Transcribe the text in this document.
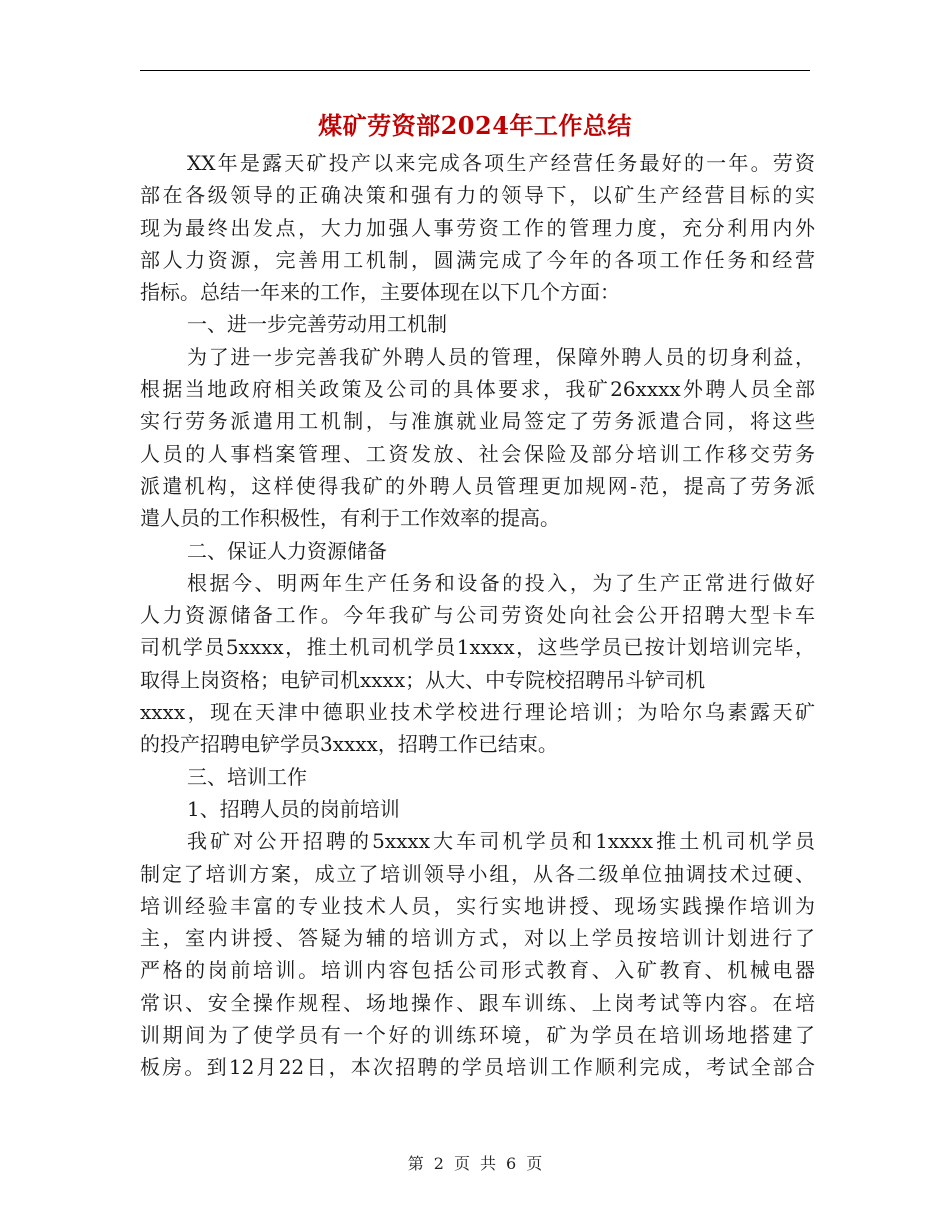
煤矿劳资部2024年工作总结
XX年是露天矿投产以来完成各项生产经营任务最好的一年。劳资
部在各级领导的正确决策和强有力的领导下，以矿生产经营目标的实
现为最终出发点，大力加强人事劳资工作的管理力度，充分利用内外
部人力资源，完善用工机制，圆满完成了今年的各项工作任务和经营
指标。总结一年来的工作，主要体现在以下几个方面：
一、进一步完善劳动用工机制
为了进一步完善我矿外聘人员的管理，保障外聘人员的切身利益，
根据当地政府相关政策及公司的具体要求，我矿26xxxx外聘人员全部
实行劳务派遣用工机制，与准旗就业局签定了劳务派遣合同，将这些
人员的人事档案管理、工资发放、社会保险及部分培训工作移交劳务
派遣机构，这样使得我矿的外聘人员管理更加规网-范，提高了劳务派
遣人员的工作积极性，有利于工作效率的提高。
二、保证人力资源储备
根据今、明两年生产任务和设备的投入，为了生产正常进行做好
人力资源储备工作。今年我矿与公司劳资处向社会公开招聘大型卡车
司机学员5xxxx，推土机司机学员1xxxx，这些学员已按计划培训完毕，
取得上岗资格；电铲司机xxxx；从大、中专院校招聘吊斗铲司机
xxxx，现在天津中德职业技术学校进行理论培训；为哈尔乌素露天矿
的投产招聘电铲学员3xxxx，招聘工作已结束。
三、培训工作
1、招聘人员的岗前培训
我矿对公开招聘的5xxxx大车司机学员和1xxxx推土机司机学员
制定了培训方案，成立了培训领导小组，从各二级单位抽调技术过硬、
培训经验丰富的专业技术人员，实行实地讲授、现场实践操作培训为
主，室内讲授、答疑为辅的培训方式，对以上学员按培训计划进行了
严格的岗前培训。培训内容包括公司形式教育、入矿教育、机械电器
常识、安全操作规程、场地操作、跟车训练、上岗考试等内容。在培
训期间为了使学员有一个好的训练环境，矿为学员在培训场地搭建了
板房。到12月22日，本次招聘的学员培训工作顺利完成，考试全部合
第 2 页 共 6 页
